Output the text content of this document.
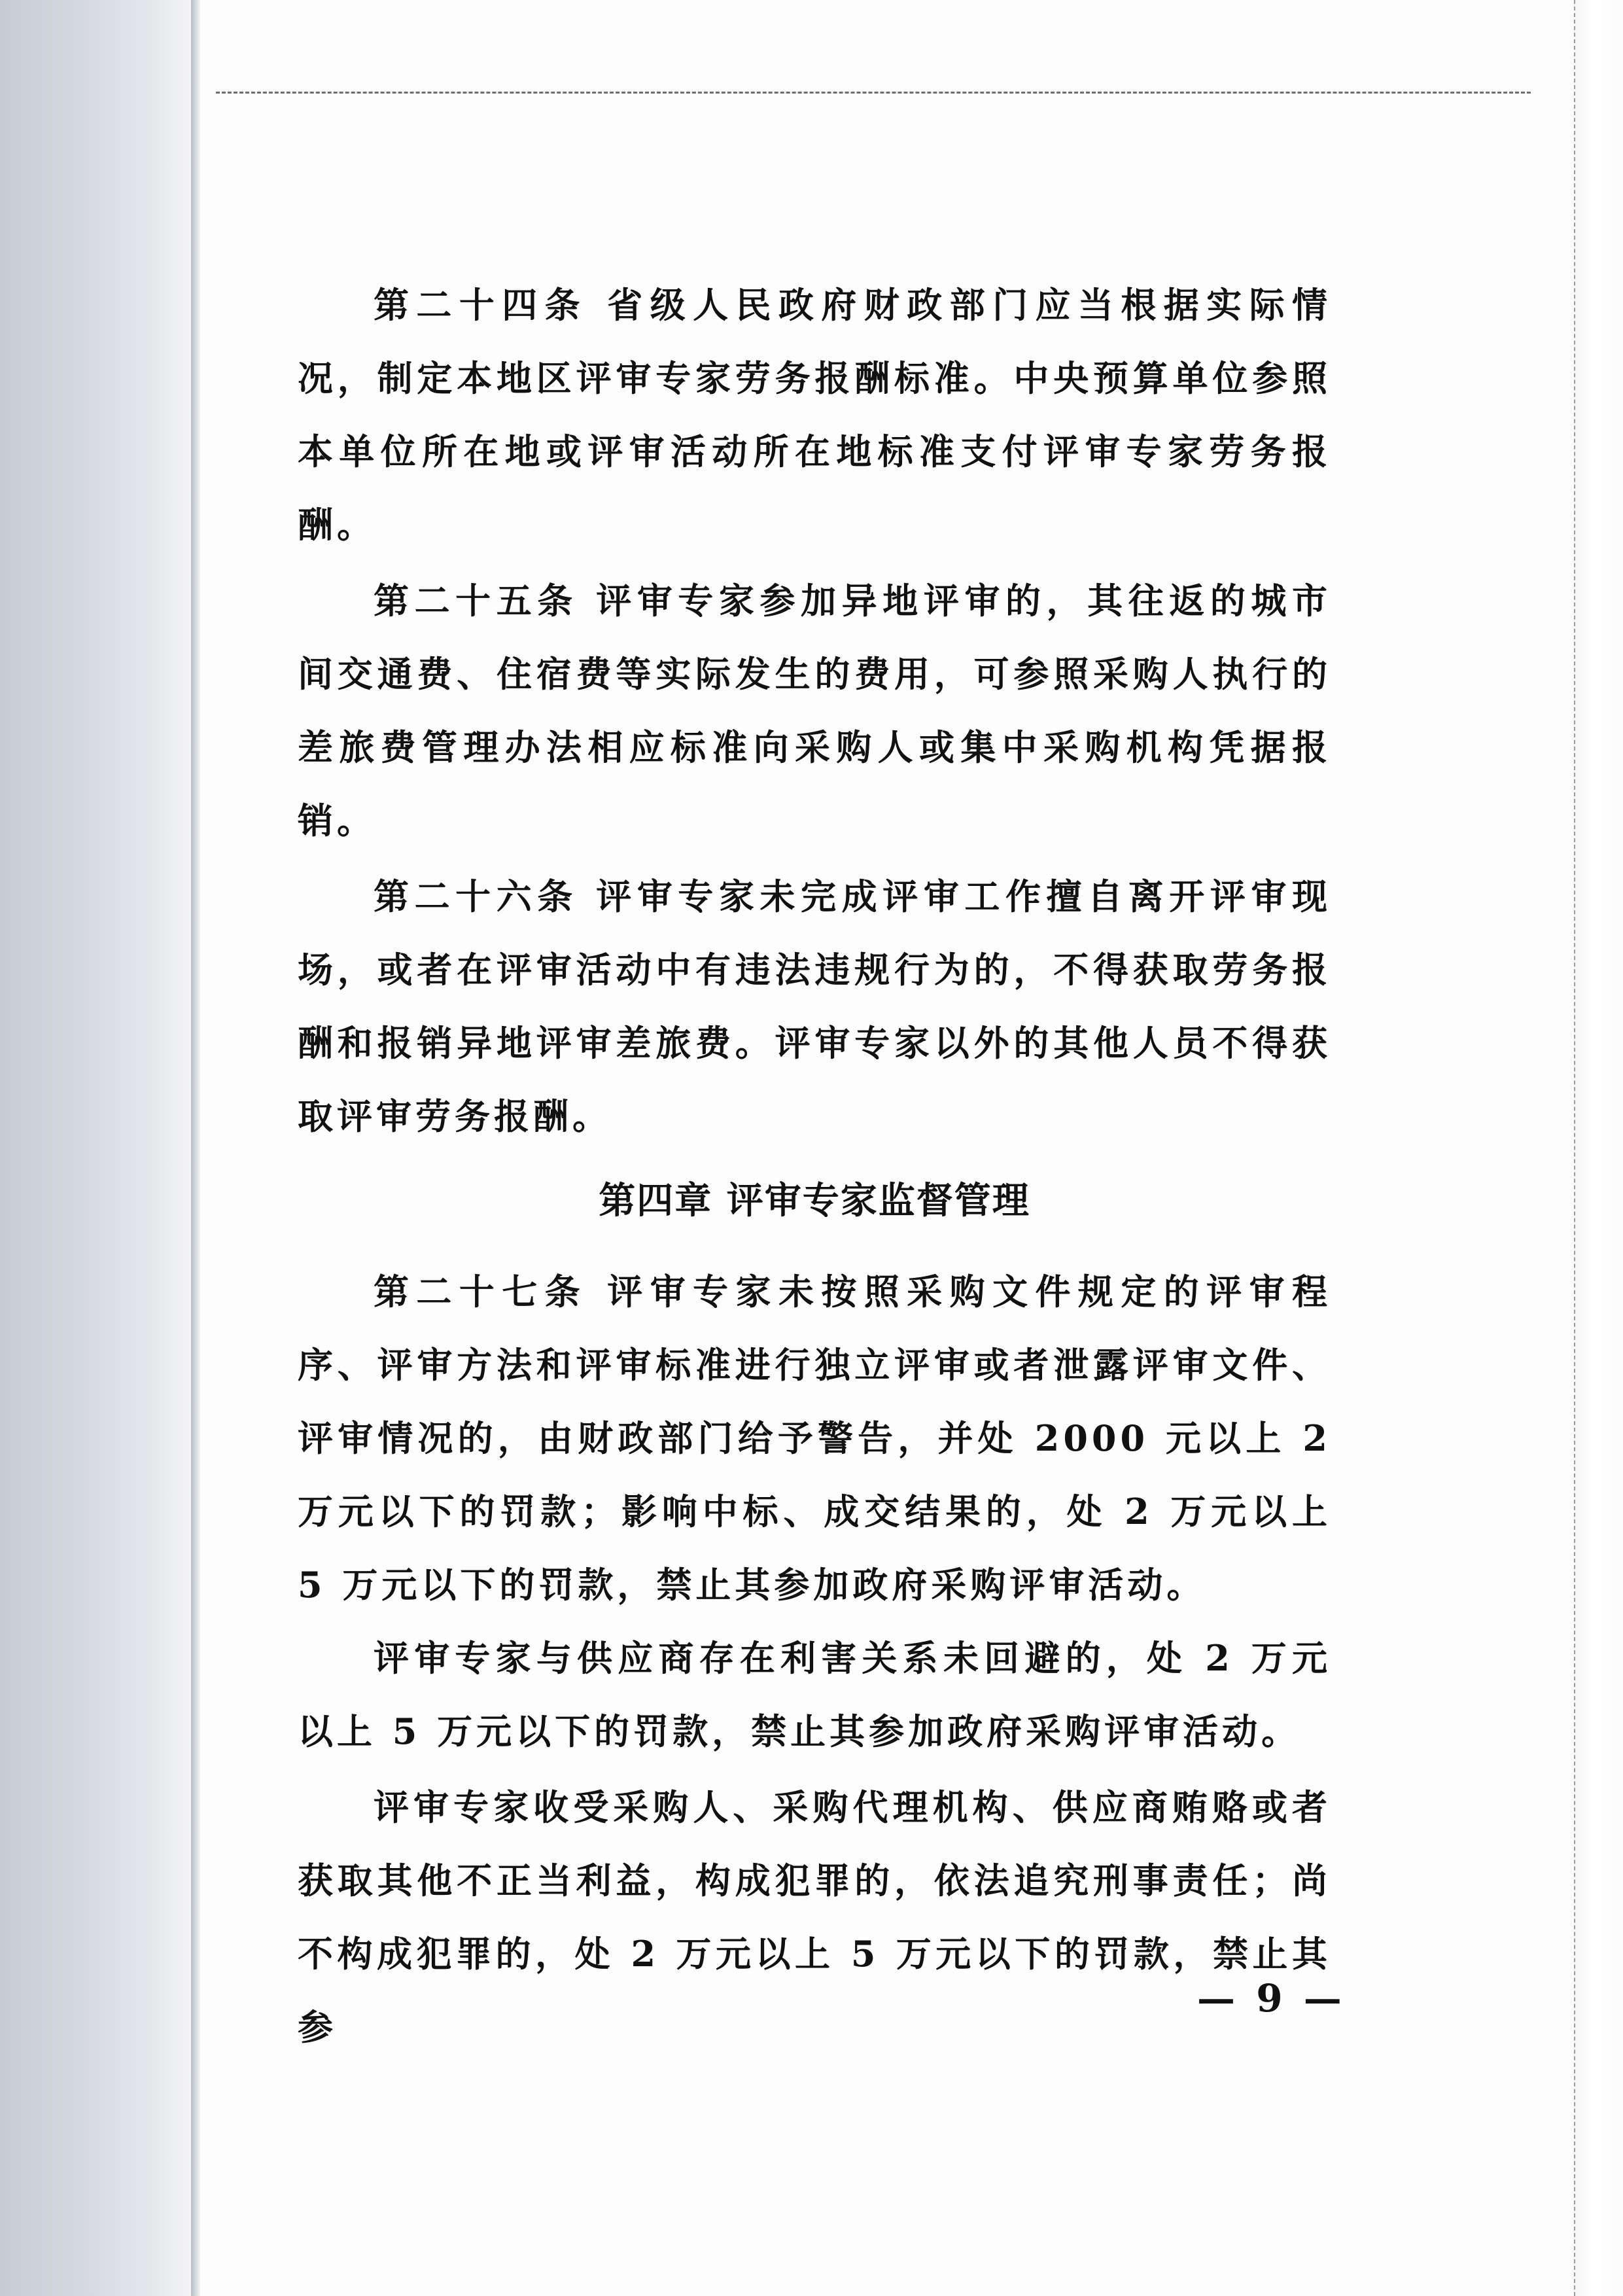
第二十四条 省级人民政府财政部门应当根据实际情况，制定本地区评审专家劳务报酬标准。中央预算单位参照本单位所在地或评审活动所在地标准支付评审专家劳务报酬。

第二十五条 评审专家参加异地评审的，其往返的城市间交通费、住宿费等实际发生的费用，可参照采购人执行的差旅费管理办法相应标准向采购人或集中采购机构凭据报销。

第二十六条 评审专家未完成评审工作擅自离开评审现场，或者在评审活动中有违法违规行为的，不得获取劳务报酬和报销异地评审差旅费。评审专家以外的其他人员不得获取评审劳务报酬。

第四章 评审专家监督管理

第二十七条 评审专家未按照采购文件规定的评审程序、评审方法和评审标准进行独立评审或者泄露评审文件、评审情况的，由财政部门给予警告，并处 2000 元以上 2 万元以下的罚款；影响中标、成交结果的，处 2 万元以上 5 万元以下的罚款，禁止其参加政府采购评审活动。

评审专家与供应商存在利害关系未回避的，处 2 万元以上 5 万元以下的罚款，禁止其参加政府采购评审活动。

评审专家收受采购人、采购代理机构、供应商贿赂或者获取其他不正当利益，构成犯罪的，依法追究刑事责任；尚不构成犯罪的，处 2 万元以上 5 万元以下的罚款，禁止其参

— 9 —
